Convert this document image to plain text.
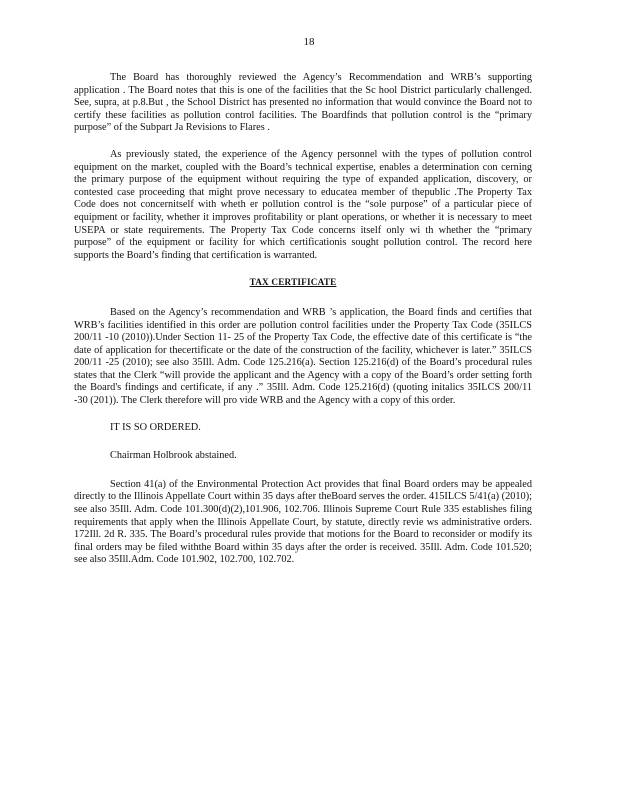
18

The Board has thoroughly reviewed the Agency’s Recommendation and WRB’s supporting application . The Board notes that this is one of the facilities that the Sc hool District particularly challenged. See, supra, at p.8.But , the School District has presented no information that would convince the Board not to certify these facilities as pollution control facilities. The Boardfinds that pollution control is the “primary purpose” of the Subpart Ja Revisions to Flares .

As previously stated, the experience of the Agency personnel with the types of pollution control equipment on the market, coupled with the Board’s technical expertise, enables a determination con cerning the primary purpose of the equipment without requiring the type of expanded application, discovery, or contested case proceeding that might prove necessary to educatea member of thepublic .The Property Tax Code does not concernitself with wheth er pollution control is the “sole purpose” of a particular piece of equipment or facility, whether it improves profitability or plant operations, or whether it is necessary to meet USEPA or state requirements. The Property Tax Code concerns itself only wi th whether the “primary purpose” of the equipment or facility for which certificationis sought pollution control. The record here supports the Board’s finding that certification is warranted.

TAX CERTIFICATE

Based on the Agency’s recommendation and WRB ’s application, the Board finds and certifies that WRB’s facilities identified in this order are pollution control facilities under the Property Tax Code (35ILCS 200/11 -10 (2010)).Under Section 11- 25 of the Property Tax Code, the effective date of this certificate is “the date of application for thecertificate or the date of the construction of the facility, whichever is later.” 35ILCS 200/11 -25 (2010); see also 35Ill. Adm. Code 125.216(a). Section 125.216(d) of the Board’s procedural rules states that the Clerk “will provide the applicant and the Agency with a copy of the Board’s order setting forth the Board's findings and certificate, if any .” 35Ill. Adm. Code 125.216(d) (quoting initalics 35ILCS 200/11 -30 (201)). The Clerk therefore will pro vide WRB and the Agency with a copy of this order.

IT IS SO ORDERED.

Chairman Holbrook abstained.

Section 41(a) of the Environmental Protection Act provides that final Board orders may be appealed directly to the Illinois Appellate Court within 35 days after theBoard serves the order. 415ILCS 5/41(a) (2010); see also 35Ill. Adm. Code 101.300(d)(2),101.906, 102.706. Illinois Supreme Court Rule 335 establishes filing requirements that apply when the Illinois Appellate Court, by statute, directly revie ws administrative orders. 172Ill. 2d R. 335. The Board’s procedural rules provide that motions for the Board to reconsider or modify its final orders may be filed withthe Board within 35 days after the order is received. 35Ill. Adm. Code 101.520; see also 35Ill.Adm. Code 101.902, 102.700, 102.702.
